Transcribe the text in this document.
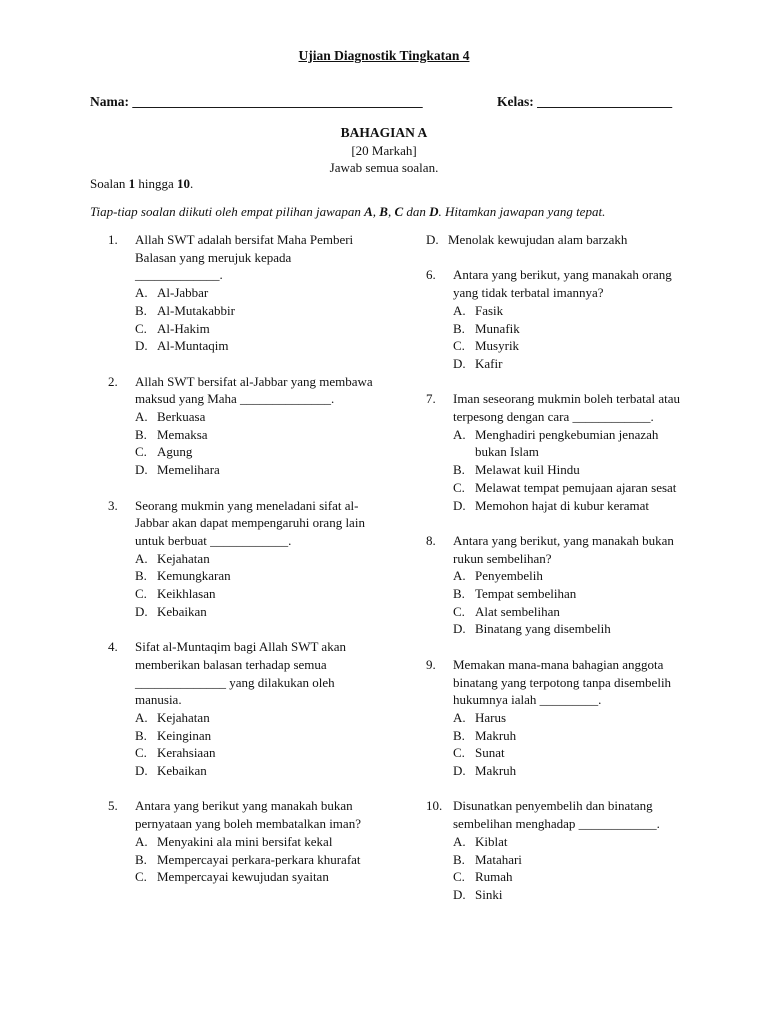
Ujian Diagnostik Tingkatan 4
Nama: ___________________________________________	Kelas: ____________________
BAHAGIAN A
[20 Markah]
Jawab semua soalan.
Soalan 1 hingga 10.
Tiap-tiap soalan diikuti oleh empat pilihan jawapan A, B, C dan D. Hitamkan jawapan yang tepat.
1. Allah SWT adalah bersifat Maha Pemberi Balasan yang merujuk kepada _____________.
A. Al-Jabbar
B. Al-Mutakabbir
C. Al-Hakim
D. Al-Muntaqim
2. Allah SWT bersifat al-Jabbar yang membawa maksud yang Maha ______________.
A. Berkuasa
B. Memaksa
C. Agung
D. Memelihara
3. Seorang mukmin yang meneladani sifat al-Jabbar akan dapat mempengaruhi orang lain untuk berbuat ____________.
A. Kejahatan
B. Kemungkaran
C. Keikhlasan
D. Kebaikan
4. Sifat al-Muntaqim bagi Allah SWT akan memberikan balasan terhadap semua ______________ yang dilakukan oleh manusia.
A. Kejahatan
B. Keinginan
C. Kerahsiaan
D. Kebaikan
5. Antara yang berikut yang manakah bukan pernyataan yang boleh membatalkan iman?
A. Menyakini ala mini bersifat kekal
B. Mempercayai perkara-perkara khurafat
C. Mempercayai kewujudan syaitan
D. Menolak kewujudan alam barzakh
6. Antara yang berikut, yang manakah orang yang tidak terbatal imannya?
A. Fasik
B. Munafik
C. Musyrik
D. Kafir
7. Iman seseorang mukmin boleh terbatal atau terpesong dengan cara ____________.
A. Menghadiri pengkebumian jenazah bukan Islam
B. Melawat kuil Hindu
C. Melawat tempat pemujaan ajaran sesat
D. Memohon hajat di kubur keramat
8. Antara yang berikut, yang manakah bukan rukun sembelihan?
A. Penyembelih
B. Tempat sembelihan
C. Alat sembelihan
D. Binatang yang disembelih
9. Memakan mana-mana bahagian anggota binatang yang terpotong tanpa disembelih hukumnya ialah _________.
A. Harus
B. Makruh
C. Sunat
D. Makruh
10. Disunatkan penyembelih dan binatang sembelihan menghadap ____________.
A. Kiblat
B. Matahari
C. Rumah
D. Sinki
